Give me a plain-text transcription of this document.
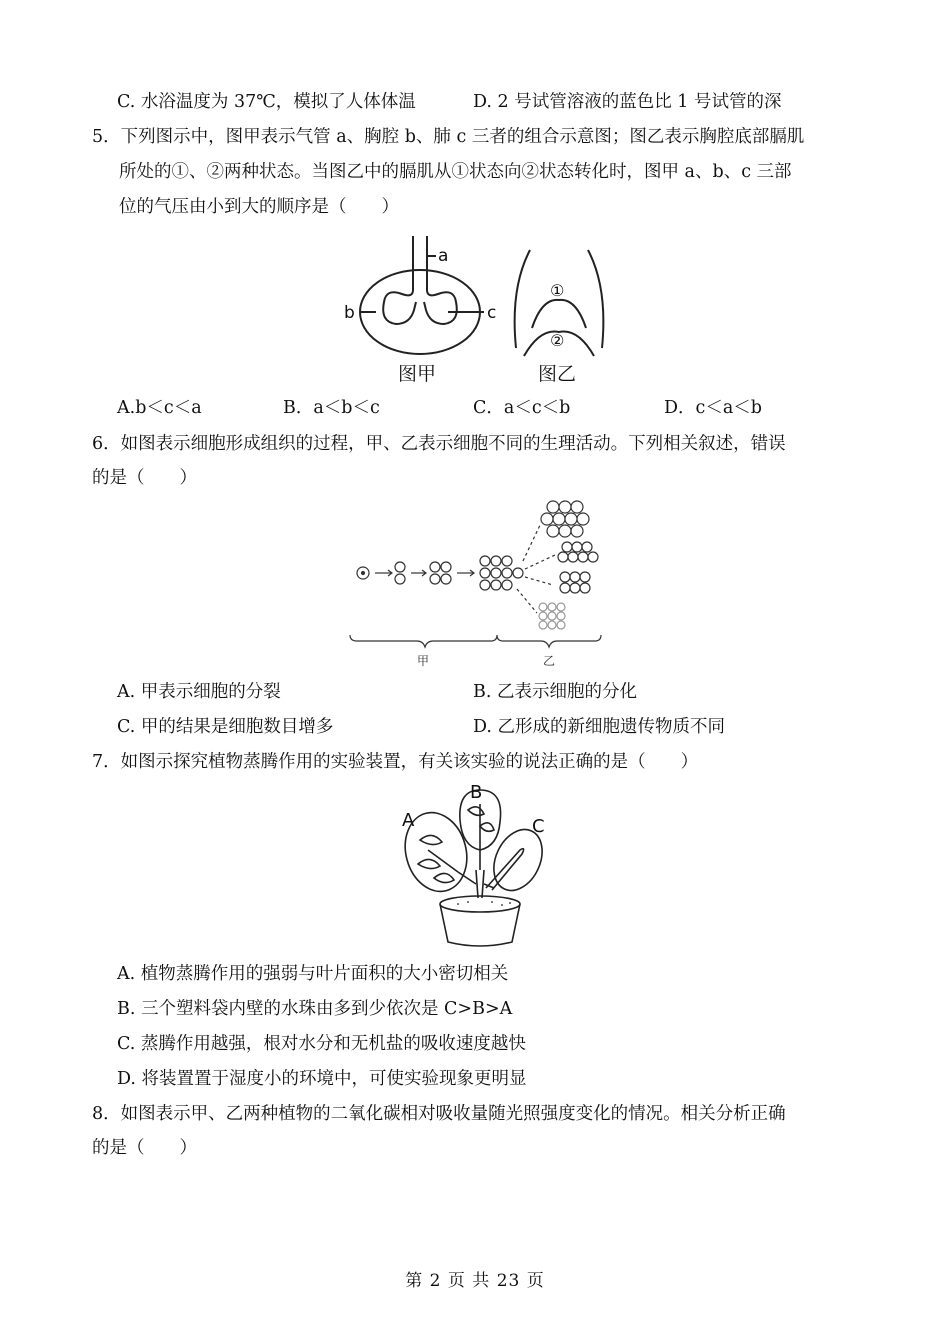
C. 水浴温度为 37℃，模拟了人体体温	D. 2 号试管溶液的蓝色比 1 号试管的深
5．下列图示中，图甲表示气管 a、胸腔 b、肺 c 三者的组合示意图；图乙表示胸腔底部膈肌
所处的①、②两种状态。当图乙中的膈肌从①状态向②状态转化时，图甲 a、b、c 三部
位的气压由小到大的顺序是（　　）
a
b	c
①
②
图甲	图乙
A.b＜c＜a	B．a＜b＜c	C．a＜c＜b	D．c＜a＜b
6．如图表示细胞形成组织的过程，甲、乙表示细胞不同的生理活动。下列相关叙述，错误
的是（　　）
甲	乙
A. 甲表示细胞的分裂	B. 乙表示细胞的分化
C. 甲的结果是细胞数目增多	D. 乙形成的新细胞遗传物质不同
7．如图示探究植物蒸腾作用的实验装置，有关该实验的说法正确的是（　　）
A
B
C
A. 植物蒸腾作用的强弱与叶片面积的大小密切相关
B. 三个塑料袋内壁的水珠由多到少依次是 C>B>A
C. 蒸腾作用越强，根对水分和无机盐的吸收速度越快
D. 将装置置于湿度小的环境中，可使实验现象更明显
8．如图表示甲、乙两种植物的二氧化碳相对吸收量随光照强度变化的情况。相关分析正确
的是（　　）
第 2 页 共 23 页
